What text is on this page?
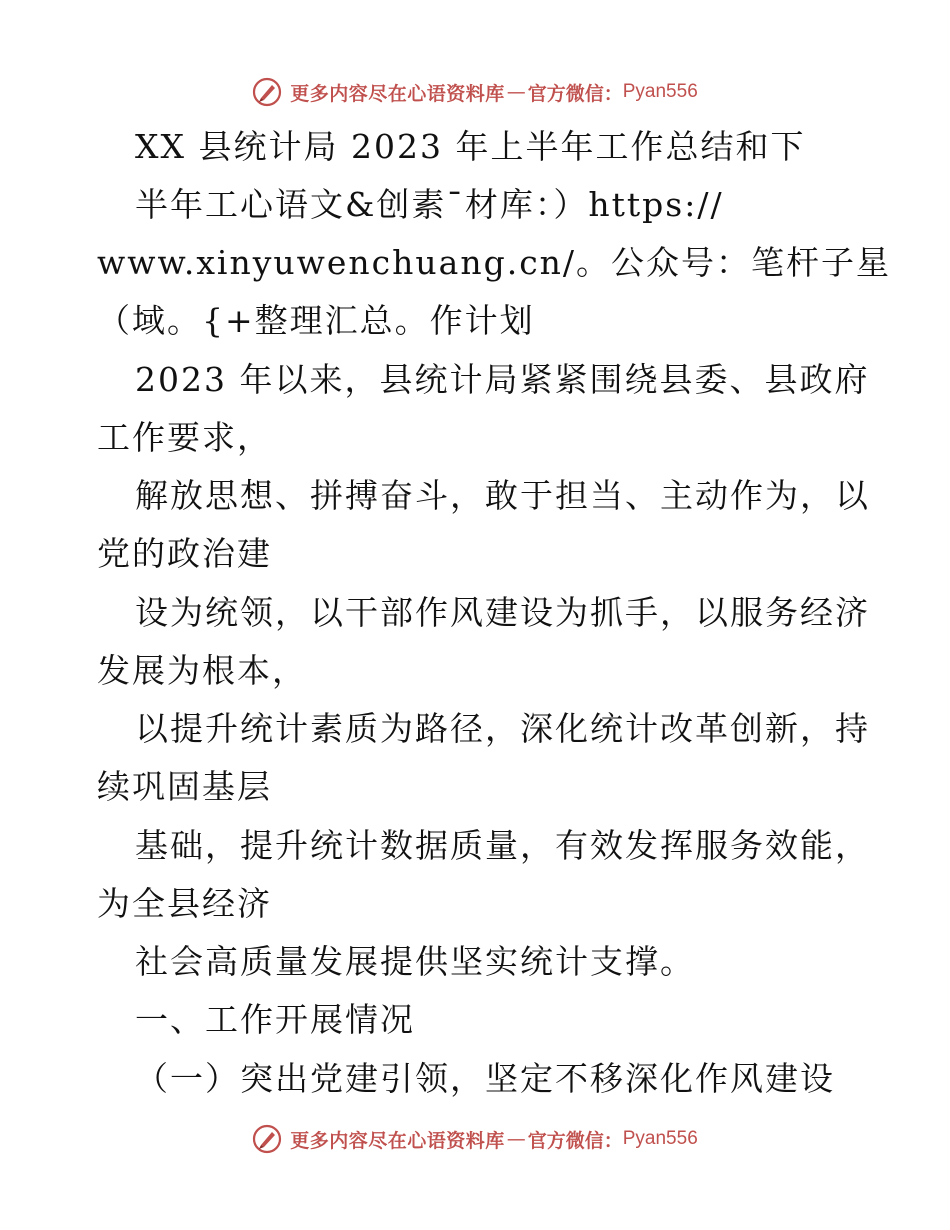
更多内容尽在心语资料库 — 官方微信： Pyan556
XX 县统计局 2023 年上半年工作总结和下
半年工心语文&创素¯材库：）https://
www.xinyuwenchuang.cn/。公众号：笔杆子星
（域。{+整理汇总。作计划
2023 年以来，县统计局紧紧围绕县委、县政府
工作要求，
解放思想、拼搏奋斗，敢于担当、主动作为，以
党的政治建
设为统领，以干部作风建设为抓手，以服务经济
发展为根本，
以提升统计素质为路径，深化统计改革创新，持
续巩固基层
基础，提升统计数据质量，有效发挥服务效能，
为全县经济
社会高质量发展提供坚实统计支撑。
一、工作开展情况
（一）突出党建引领，坚定不移深化作风建设
更多内容尽在心语资料库 — 官方微信： Pyan556
